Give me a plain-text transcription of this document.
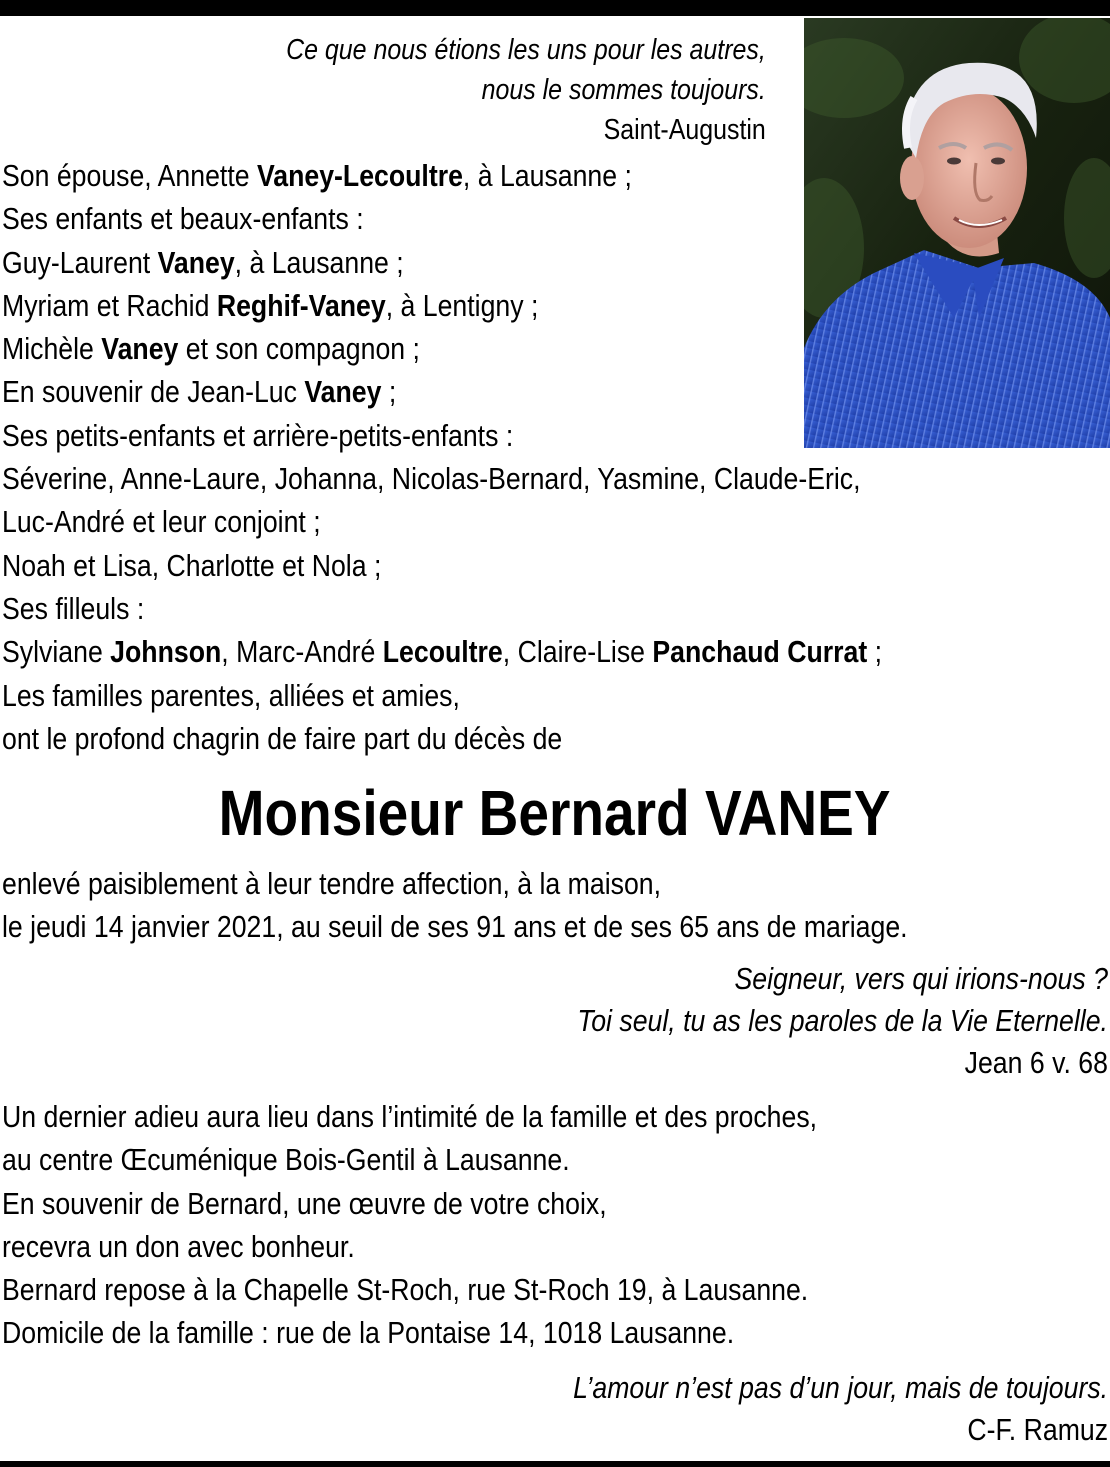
Ce que nous étions les uns pour les autres,
nous le sommes toujours.
Saint-Augustin
Son épouse, Annette Vaney-Lecoultre, à Lausanne ;
Ses enfants et beaux-enfants :
Guy-Laurent Vaney, à Lausanne ;
Myriam et Rachid Reghif-Vaney, à Lentigny ;
Michèle Vaney et son compagnon ;
En souvenir de Jean-Luc Vaney ;
Ses petits-enfants et arrière-petits-enfants :
Séverine, Anne-Laure, Johanna, Nicolas-Bernard, Yasmine, Claude-Eric,
Luc-André et leur conjoint ;
Noah et Lisa, Charlotte et Nola ;
Ses filleuls :
Sylviane Johnson, Marc-André Lecoultre, Claire-Lise Panchaud Currat ;
Les familles parentes, alliées et amies,
ont le profond chagrin de faire part du décès de
Monsieur Bernard VANEY
enlevé paisiblement à leur tendre affection, à la maison,
le jeudi 14 janvier 2021, au seuil de ses 91 ans et de ses 65 ans de mariage.
Seigneur, vers qui irions-nous ?
Toi seul, tu as les paroles de la Vie Eternelle.
Jean 6 v. 68
Un dernier adieu aura lieu dans l’intimité de la famille et des proches,
au centre Œcuménique Bois-Gentil à Lausanne.
En souvenir de Bernard, une œuvre de votre choix,
recevra un don avec bonheur.
Bernard repose à la Chapelle St-Roch, rue St-Roch 19, à Lausanne.
Domicile de la famille : rue de la Pontaise 14, 1018 Lausanne.
L’amour n’est pas d’un jour, mais de toujours.
C-F. Ramuz
